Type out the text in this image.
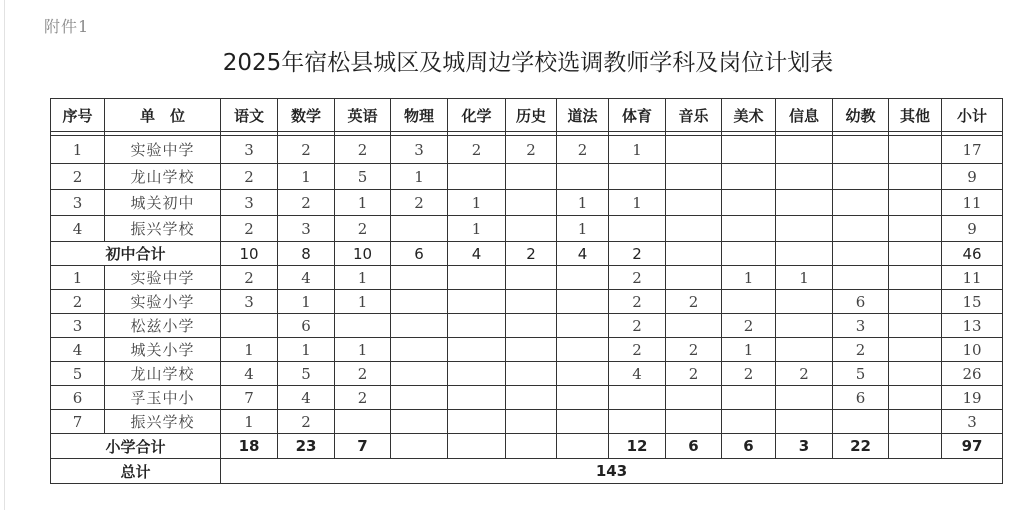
附件1
2025年宿松县城区及城周边学校选调教师学科及岗位计划表
序号	单　位	语文	数学	英语	物理	化学	历史	道法	体育	音乐	美术	信息	幼教	其他	小计

1	实验中学	3	2	2	3	2	2	2	1						17
2	龙山学校	2	1	5	1										9
3	城关初中	3	2	1	2	1		1	1						11
4	振兴学校	2	3	2		1		1							9
初中合计		10	8	10	6	4	2	4	2						46
1	实验中学	2	4	1					2		1	1			11
2	实验小学	3	1	1					2	2			6		15
3	松兹小学		6						2		2		3		13
4	城关小学	1	1	1					2	2	1		2		10
5	龙山学校	4	5	2					4	2	2	2	5		26
6	孚玉中小	7	4	2									6		19
7	振兴学校	1	2												3
小学合计		18	23	7					12	6	6	3	22		97
总计		143													
